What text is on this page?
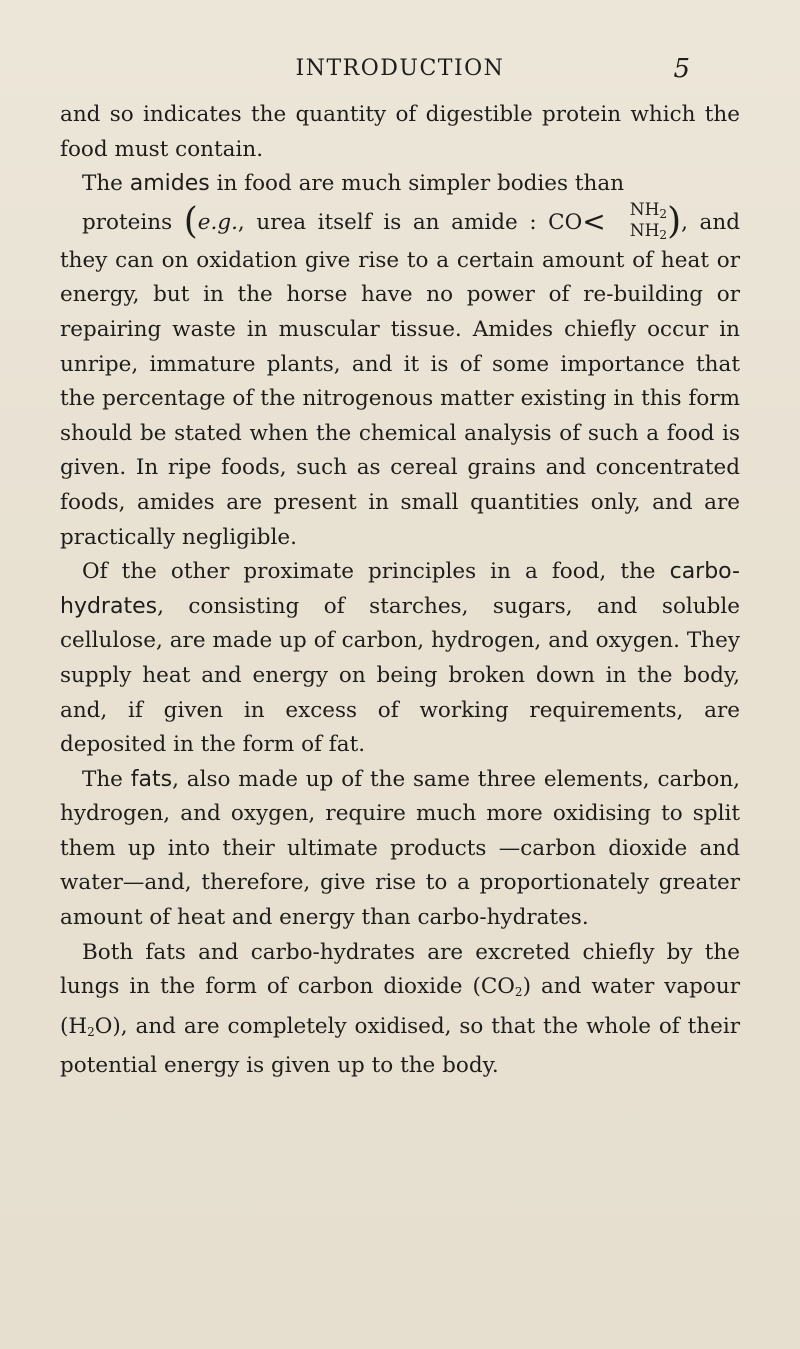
INTRODUCTION	5

and so indicates the quantity of digestible protein which the food must contain.

The amides in food are much simpler bodies than
proteins (e.g., urea itself is an amide : CO<	$NH_2$
$NH_2$ ), and
they can on oxidation give rise to a certain amount of heat or energy, but in the horse have no power of re-building or repairing waste in muscular tissue. Amides chiefly occur in unripe, immature plants, and it is of some importance that the percentage of the nitrogenous matter existing in this form should be stated when the chemical analysis of such a food is given. In ripe foods, such as cereal grains and concentrated foods, amides are present in small quantities only, and are practically negligible.

Of the other proximate principles in a food, the carbo-hydrates, consisting of starches, sugars, and soluble cellulose, are made up of carbon, hydrogen, and oxygen. They supply heat and energy on being broken down in the body, and, if given in excess of working requirements, are deposited in the form of fat.

The fats, also made up of the same three elements, carbon, hydrogen, and oxygen, require much more oxidising to split them up into their ultimate products —carbon dioxide and water—and, therefore, give rise to a proportionately greater amount of heat and energy than carbo-hydrates.

Both fats and carbo-hydrates are excreted chiefly by the lungs in the form of carbon dioxide $(CO_2)$ and water vapour $(H_2O)$, and are completely oxidised, so that the whole of their potential energy is given up to the body.
